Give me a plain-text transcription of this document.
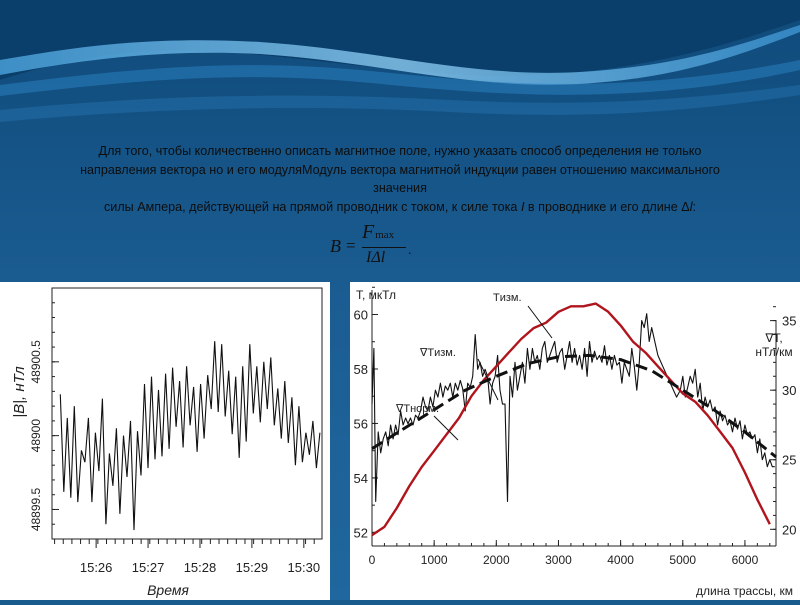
Для того, чтобы количественно описать магнитное поле, нужно указать способ определения не только

направления вектора но и его модуляМодуль вектора магнитной индукции равен отношению максимального

значения

силы Ампера, действующей на прямой проводник с током, к силе тока I в проводнике и его длине Δl:

B =
Fmax
IΔl .
48899.5
48900
48900.5
15:26 15:27 15:28 15:29 15:30
|B|, нТл
Время
52
54
56
58
60
20
25
30
35
0	1000	2000	3000	4000	5000	6000
T, мкТл
∇T,
нТл/км
Tизм.
∇Tизм.
∇Tнорм.
длина трассы, км
